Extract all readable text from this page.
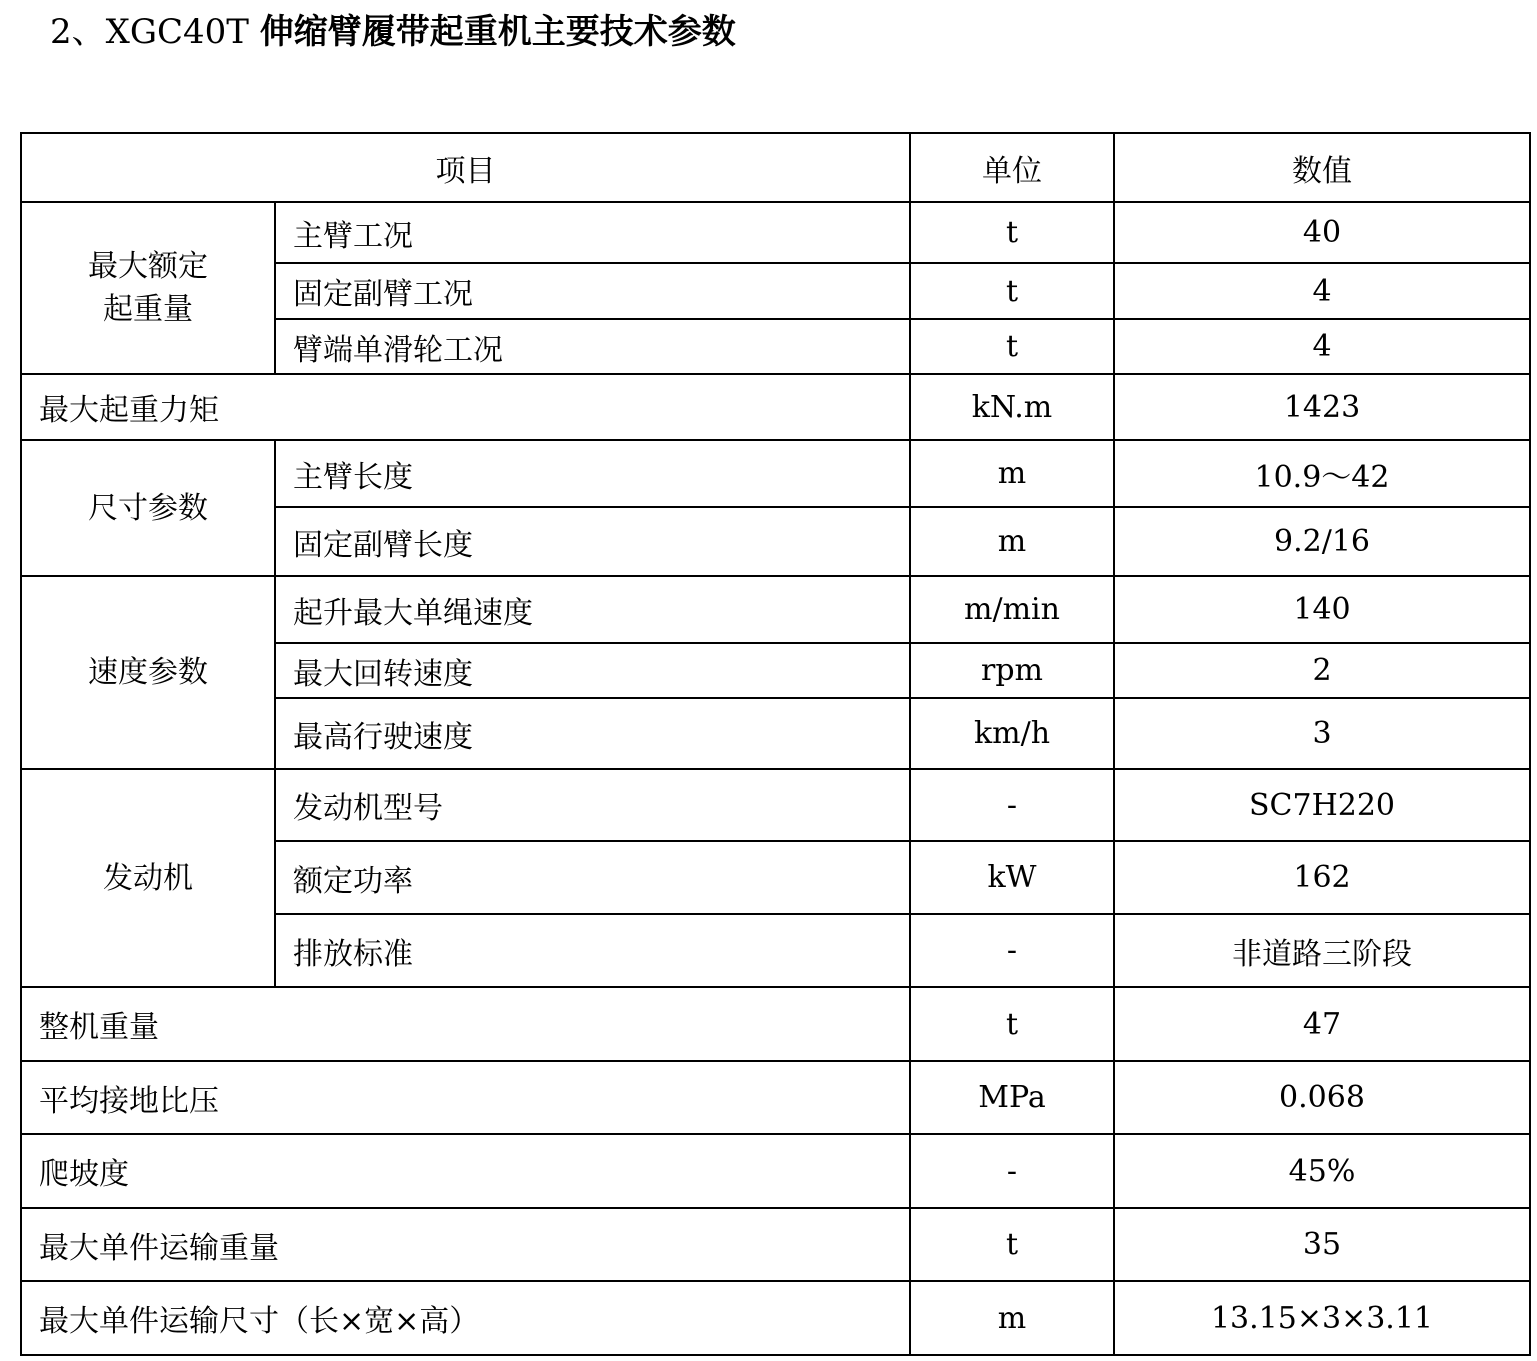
2、XGC40T 伸缩臂履带起重机主要技术参数
项目		单位	数值

最大额定
起重量	主臂工况	t	40
	固定副臂工况	t	4
	臂端单滑轮工况	t	4
最大起重力矩		kN.m	1423
尺寸参数	主臂长度	m	10.9～42
	固定副臂长度	m	9.2/16
速度参数	起升最大单绳速度	m/min	140
	最大回转速度	rpm	2
	最高行驶速度	km/h	3
发动机	发动机型号	-	SC7H220
	额定功率	kW	162
	排放标准	-	非道路三阶段
整机重量		t	47
平均接地比压		MPa	0.068
爬坡度		-	45%
最大单件运输重量		t	35
最大单件运输尺寸（长×宽×高）		m	13.15×3×3.11
